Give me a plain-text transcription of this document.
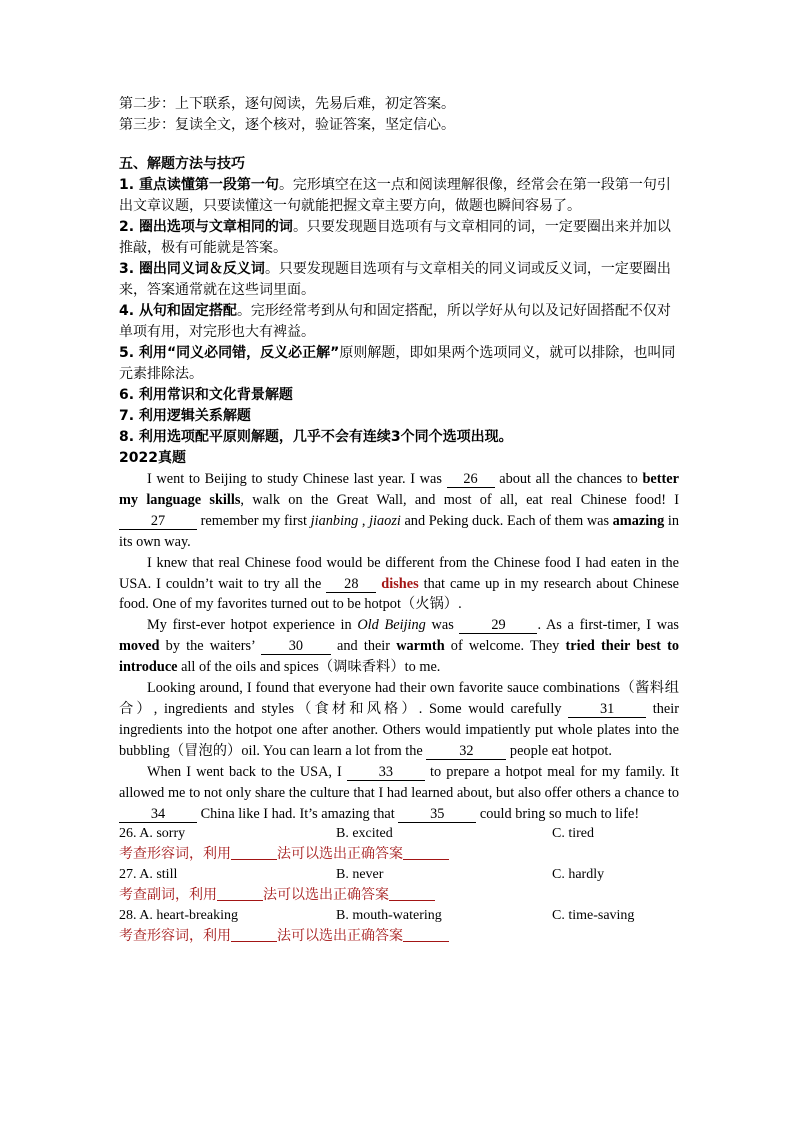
第二步：上下联系，逐句阅读，先易后难，初定答案。

第三步：复读全文，逐个核对，验证答案，坚定信心。

五、解题方法与技巧

1. 重点读懂第一段第一句。完形填空在这一点和阅读理解很像，经常会在第一段第一句引出文章议题，只要读懂这一句就能把握文章主要方向，做题也瞬间容易了。

2. 圈出选项与文章相同的词。只要发现题目选项有与文章相同的词，一定要圈出来并加以推敲，极有可能就是答案。

3. 圈出同义词＆反义词。只要发现题目选项有与文章相关的同义词或反义词，一定要圈出来，答案通常就在这些词里面。

4. 从句和固定搭配。完形经常考到从句和固定搭配，所以学好从句以及记好固搭配不仅对单项有用，对完形也大有裨益。

5. 利用“同义必同错，反义必正解”原则解题，即如果两个选项同义，就可以排除，也叫同元素排除法。

6. 利用常识和文化背景解题

7. 利用逻辑关系解题

8. 利用选项配平原则解题，几乎不会有连续3个同个选项出现。

2022真题

I went to Beijing to study Chinese last year. I was 26 about all the chances to better my language skills, walk on the Great Wall, and most of all, eat real Chinese food! I 27 remember my first jianbing , jiaozi and Peking duck. Each of them was amazing in its own way.

I knew that real Chinese food would be different from the Chinese food I had eaten in the USA. I couldn’t wait to try all the 28 dishes that came up in my research about Chinese food. One of my favorites turned out to be hotpot（火锅）.

My first-ever hotpot experience in Old Beijing was 29 . As a first-timer, I was moved by the waiters’ 30 and their warmth of welcome. They tried their best to introduce all of the oils and spices（调味香料）to me.

Looking around, I found that everyone had their own favorite sauce combinations（酱料组合）, ingredients and styles（食材和风格）. Some would carefully 31 their ingredients into the hotpot one after another. Others would impatiently put whole plates into the bubbling（冒泡的）oil. You can learn a lot from the 32 people eat hotpot.

When I went back to the USA, I 33 to prepare a hotpot meal for my family. It allowed me to not only share the culture that I had learned about, but also offer others a chance to 34 China like I had. It’s amazing that 35 could bring so much to life!

26. A. sorry	B. excited	C. tired

考查形容词，利用	法可以选出正确答案

27. A. still	B. never	C. hardly

考查副词，利用	法可以选出正确答案

28. A. heart-breaking	B. mouth-watering	C. time-saving

考查形容词，利用	法可以选出正确答案
